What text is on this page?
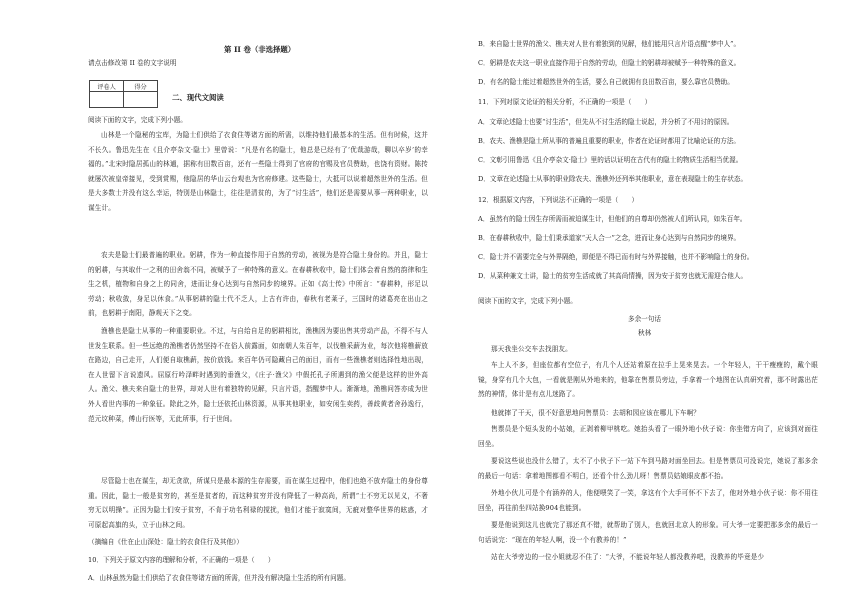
第 II 卷（非选择题）
请点击修改第 II 卷的文字说明
评卷人	得分

二、现代文阅读
阅读下面的文字，完成下列小题。
山林是一个隐秘的宝库，为隐士们供给了衣食住等诸方面的所需，以维持他们最基本的生活。但有时候，这并不长久。鲁迅先生在《且介亭杂文·隐士》里曾说：“凡是有名的隐士，他总是已经有了‘优哉游哉，聊以卒岁’的幸福的。”北宋时隐居孤山的林逋，据称有田数百亩，还有一些隐士得到了官府的官赐及官员赞助，也饶有资财。陈抟就屡次被皇帝接见，受到赏赐，他隐居的华山云台观也为官府修建。这些隐士，大抵可以说着超然世外的生活。但是大多数士并没有这么幸运，特别是山林隐士，往往是清贫的，为了“讨生活”，他们还是需要从事一两种职业，以谋生计。
农夫是隐士们最普遍的职业。躬耕，作为一种直接作用于自然的劳动，被视为是符合隐士身份的。并且，隐士的躬耕，与其取什一之利的田舍翁不同，被赋予了一种特殊的意义。在春耕秋收中，隐士们体会着自然的韵律和生生之机，植物和自身之上的同舍，进而让身心达到与自然同步的境界。正如《高士传》中所言：“春耕种，形足以劳动；秋收敛，身足以休食。”从事躬耕的隐士代不乏人，上古有许由，春秋有老莱子，三国时的诸葛亮在出山之前，也躬耕于南阳，静观天下之变。
渔樵也是隐士从事的一种重要职业。不过，与自给自足的躬耕相比，渔樵因为要出售其劳动产品，不得不与人世发生联系。但一些远绝的渔樵者仍然坚持不在俗人前露面，如南朝人朱百年，以伐樵采薪为业，每次他将樵薪放在路边，自己走开，人们便自取樵薪，按价放钱。来百年仍可隐藏自己的面目，而有一些渔樵者则选择性地出现，在人世留下言说遗风。屈原行吟泽畔时遇到的垂渔父，《庄子·渔父》中假托孔子所遇到的渔父便是这样的世外高人。渔父、樵夫来自隐士的世界，却对人世有着独特的见解，只言片语，指醒梦中人。渐渐地，渔樵问答亦成为世外人看世内事的一种象征。除此之外，隐士还依托山林资源，从事其他职业，如安闲生卖药，善歧黄者舍孙逸行，范元坟种菜，傅山行医等，无此所事，行于世间。
尽管隐士也在谋生，却无贪欲，所谋只是最本源的生存需要，而在谋生过程中，他们也绝不放弃隐士的身份尊重。因此，隐士一般是贫穷的，甚至是贫者的，而这种贫穷并没有降低了一种高尚，所谓“士不穷无以见义，不奢穷无以明操”。正因为隐士们安于贫穷，不肯于功名利禄的搅扰，他们才能于寂寞间，无疵对整华世界的眩惑，才可原起高旗的头，立于山林之间。
（摘编自《仕在止山深处：隐士的衣食住行及其他》）
10．下列关于原文内容的理解和分析，不正确的一项是（　　）
A．山林虽然为隐士们供给了衣食住等诸方面的所需，但并没有解决隐士生活的所有问题。
B．来自隐士世界的渔父、樵夫对人世有着独到的见解，他们能用只言片语点醒“梦中人”。
C．躬耕是农夫这一职业直接作用于自然的劳动，但隐士的躬耕却被赋予一种特殊的意义。
D．有名的隐士能过着超然世外的生活，要么自己就拥有良田数百亩，要么靠官员赞助。
11．下列对原文论证的相关分析，不正确的一项是（　　）
A．文章论述隐士也要“讨生活”，但先从不讨生活的隐士说起，并分析了不用讨的原因。
B．农夫、渔樵是隐士所从事的普遍且重要的职业，作者在论证时都用了比喻论证的方法。
C．文彰引用鲁迅《且介亭杂文·隐士》里的话以证明在古代有的隐士的物质生活相当优渥。
D．文章在论述隐士从事的职业除农夫、渔樵外还列举其他职业，意在表现隐士的生存状态。
12．根据原文内容，下列说法不正确的一项是（　　）
A．虽然有的隐士因生存所需而被迫谋生计，但他们的自尊却仍然被人们所认同，如朱百年。
B．在春耕秋收中，隐士们秉承道家“天人合一”之念，进而让身心达到与自然同步的境界。
C．隐士并不需要完全与外界隔绝，即便是不得已而有时与外界接触，也并不影响隐士的身份。
D．从菜种兼文士讲，隐士的贫穷生活成就了其高尚情操，因为安于贫穷也就无需迎合他人。
阅读下面的文字，完成下列小题。
多余一句话
秋林
那天我坐公交车去找朋友。
车上人不多，但座位都有空位子，有几个人还站着原在拉手上晃来晃去。一个年轻人，干干瘦瘦的，戴个眼镜，身穿有几个大包，一看就是刚从外地来的，他靠在售票员旁边，手拿着一个地图在认真研究着，那不时露出茫然的神情，体计是有点儿迷路了。
他就摔了干天，很不好意思地问售票员：去胡和园应该在哪儿下车啊？
售票员是个短头发的小姑娘，正剥着柳甲桃吃。她抬头看了一眼外地小伙子说：你坐错方向了，应该到对面往回坐。
要说这些说也没什么错了，太不了小伙子下一站下车到马路对面坐回去。但是售票员可没说完，她说了那多余的最后一句话：拿着地图都看不明白，还看个什么劲儿呀！售票员姑娘眼皮都不抬。
外地小伙儿可是个有涵养的人，他便喂笑了一笑，拿这有个大手可怀不下去了，他对外地小伙子说：你不用往回坐，再往前坐四站换904也能到。
要是他说到这儿也就完了那还真不错，就帮助了别人，也就回北京人的形象。可大爷一定要把那多余的最后一句话说完：“现在的年轻人啊，没一个有教养的！”
站在大爷旁边的一位小姐就忍不住了：“大爷，不能说年轻人都没教养吧，没教养的毕竟是少
